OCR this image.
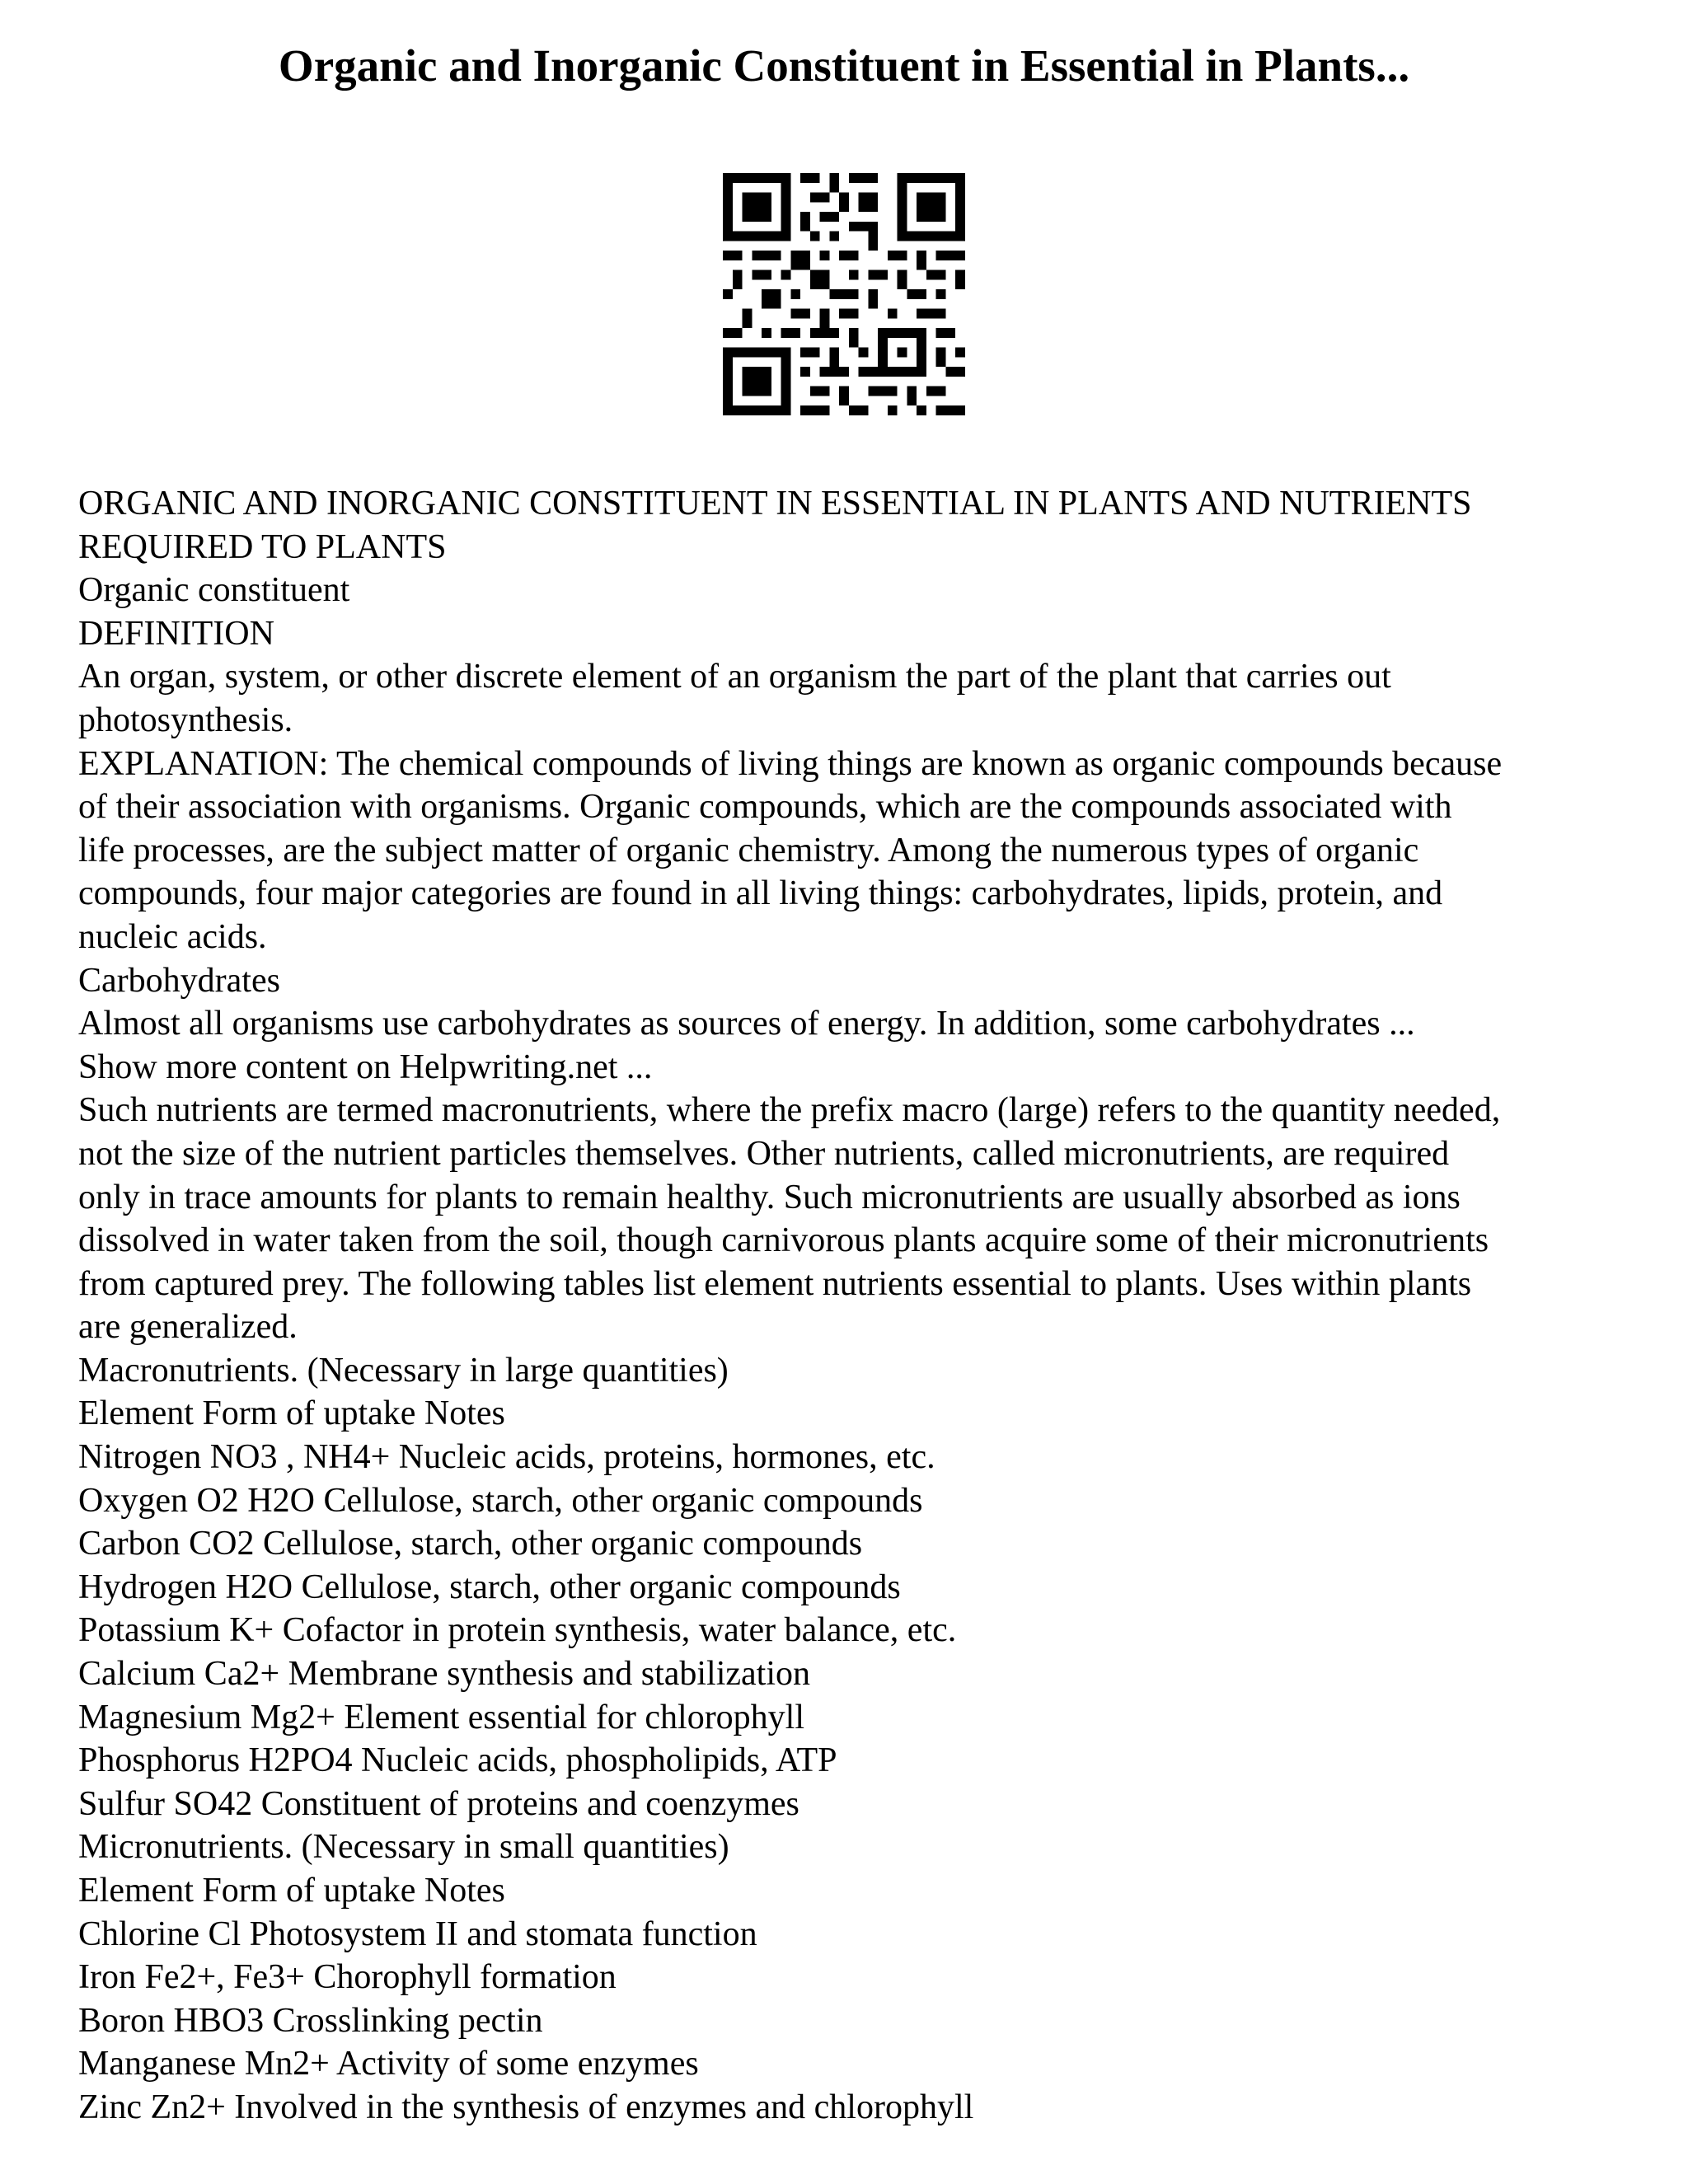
Organic and Inorganic Constituent in Essential in Plants...
ORGANIC AND INORGANIC CONSTITUENT IN ESSENTIAL IN PLANTS AND NUTRIENTS
REQUIRED TO PLANTS
Organic constituent
DEFINITION
An organ, system, or other discrete element of an organism the part of the plant that carries out
photosynthesis.
EXPLANATION: The chemical compounds of living things are known as organic compounds because
of their association with organisms. Organic compounds, which are the compounds associated with
life processes, are the subject matter of organic chemistry. Among the numerous types of organic
compounds, four major categories are found in all living things: carbohydrates, lipids, protein, and
nucleic acids.
Carbohydrates
Almost all organisms use carbohydrates as sources of energy. In addition, some carbohydrates ...
Show more content on Helpwriting.net ...
Such nutrients are termed macronutrients, where the prefix macro (large) refers to the quantity needed,
not the size of the nutrient particles themselves. Other nutrients, called micronutrients, are required
only in trace amounts for plants to remain healthy. Such micronutrients are usually absorbed as ions
dissolved in water taken from the soil, though carnivorous plants acquire some of their micronutrients
from captured prey. The following tables list element nutrients essential to plants. Uses within plants
are generalized.
Macronutrients. (Necessary in large quantities)
Element Form of uptake Notes
Nitrogen NO3 , NH4+ Nucleic acids, proteins, hormones, etc.
Oxygen O2 H2O Cellulose, starch, other organic compounds
Carbon CO2 Cellulose, starch, other organic compounds
Hydrogen H2O Cellulose, starch, other organic compounds
Potassium K+ Cofactor in protein synthesis, water balance, etc.
Calcium Ca2+ Membrane synthesis and stabilization
Magnesium Mg2+ Element essential for chlorophyll
Phosphorus H2PO4 Nucleic acids, phospholipids, ATP
Sulfur SO42 Constituent of proteins and coenzymes
Micronutrients. (Necessary in small quantities)
Element Form of uptake Notes
Chlorine Cl Photosystem II and stomata function
Iron Fe2+, Fe3+ Chorophyll formation
Boron HBO3 Crosslinking pectin
Manganese Mn2+ Activity of some enzymes
Zinc Zn2+ Involved in the synthesis of enzymes and chlorophyll
